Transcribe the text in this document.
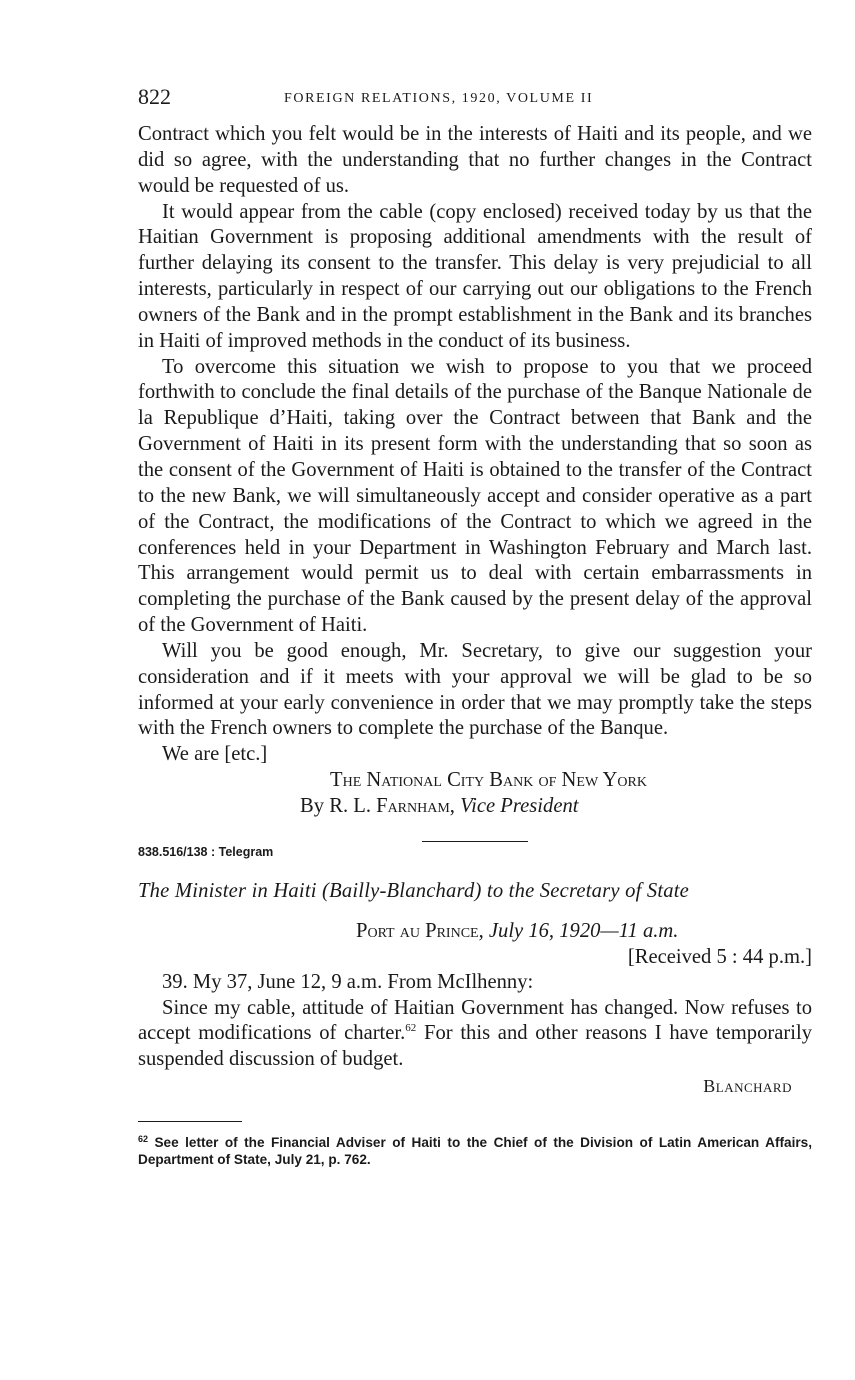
822	FOREIGN RELATIONS, 1920, VOLUME II

Contract which you felt would be in the interests of Haiti and its people, and we did so agree, with the understanding that no further changes in the Contract would be requested of us.

It would appear from the cable (copy enclosed) received today by us that the Haitian Government is proposing additional amendments with the result of further delaying its consent to the transfer. This delay is very prejudicial to all interests, particularly in respect of our carrying out our obligations to the French owners of the Bank and in the prompt establishment in the Bank and its branches in Haiti of improved methods in the conduct of its business.

To overcome this situation we wish to propose to you that we proceed forthwith to conclude the final details of the purchase of the Banque Nationale de la Republique d’Haiti, taking over the Contract between that Bank and the Government of Haiti in its present form with the understanding that so soon as the consent of the Government of Haiti is obtained to the transfer of the Contract to the new Bank, we will simultaneously accept and consider operative as a part of the Contract, the modifications of the Contract to which we agreed in the conferences held in your Department in Washington February and March last. This arrangement would permit us to deal with certain embarrassments in completing the purchase of the Bank caused by the present delay of the approval of the Government of Haiti.

Will you be good enough, Mr. Secretary, to give our suggestion your consideration and if it meets with your approval we will be glad to be so informed at your early convenience in order that we may promptly take the steps with the French owners to complete the purchase of the Banque.

We are [etc.]

The National City Bank of New York
By R. L. Farnham, Vice President
838.516/138 : Telegram
The Minister in Haiti (Bailly-Blanchard) to the Secretary of State
Port au Prince, July 16, 1920—11 a.m.
[Received 5 : 44 p.m.]

39. My 37, June 12, 9 a.m. From McIlhenny:

Since my cable, attitude of Haitian Government has changed. Now refuses to accept modifications of charter.$^{62}$ For this and other reasons I have temporarily suspended discussion of budget.

Blanchard
$^{62}$ See letter of the Financial Adviser of Haiti to the Chief of the Division of Latin American Affairs, Department of State, July 21, p. 762.
